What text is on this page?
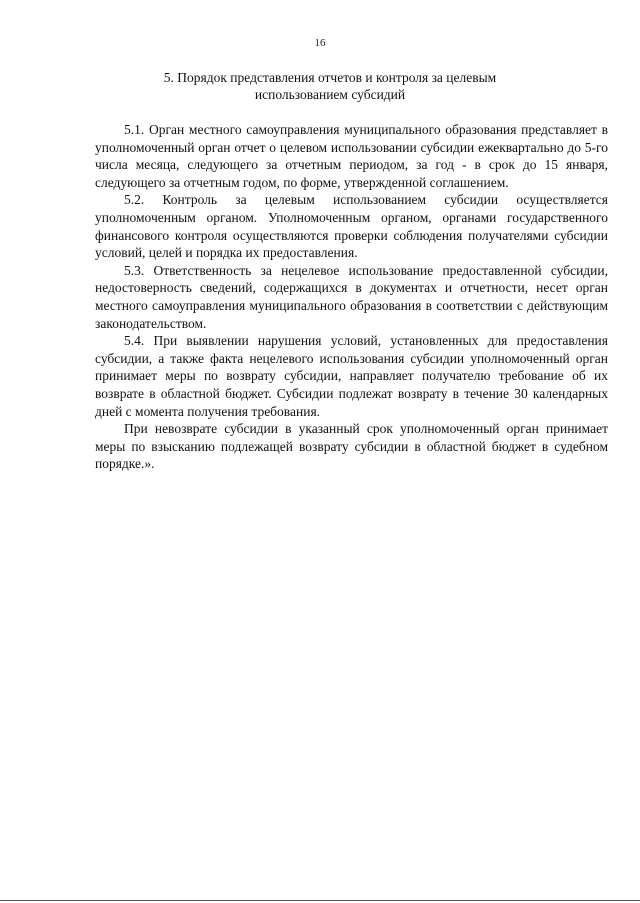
16
5. Порядок представления отчетов и контроля за целевым
использованием субсидий

5.1. Орган местного самоуправления муниципального образования представляет в уполномоченный орган отчет о целевом использовании субсидии ежеквартально до 5-го числа месяца, следующего за отчетным периодом, за год - в срок до 15 января, следующего за отчетным годом, по форме, утвержденной соглашением.

5.2. Контроль за целевым использованием субсидии осуществляется уполномоченным органом. Уполномоченным органом, органами государственного финансового контроля осуществляются проверки соблюдения получателями субсидии условий, целей и порядка их предоставления.

5.3. Ответственность за нецелевое использование предоставленной субсидии, недостоверность сведений, содержащихся в документах и отчетности, несет орган местного самоуправления муниципального образования в соответствии с действующим законодательством.

5.4. При выявлении нарушения условий, установленных для предоставления субсидии, а также факта нецелевого использования субсидии уполномоченный орган принимает меры по возврату субсидии, направляет получателю требование об их возврате в областной бюджет. Субсидии подлежат возврату в течение 30 календарных дней с момента получения требования.

При невозврате субсидии в указанный срок уполномоченный орган принимает меры по взысканию подлежащей возврату субсидии в областной бюджет в судебном порядке.».
